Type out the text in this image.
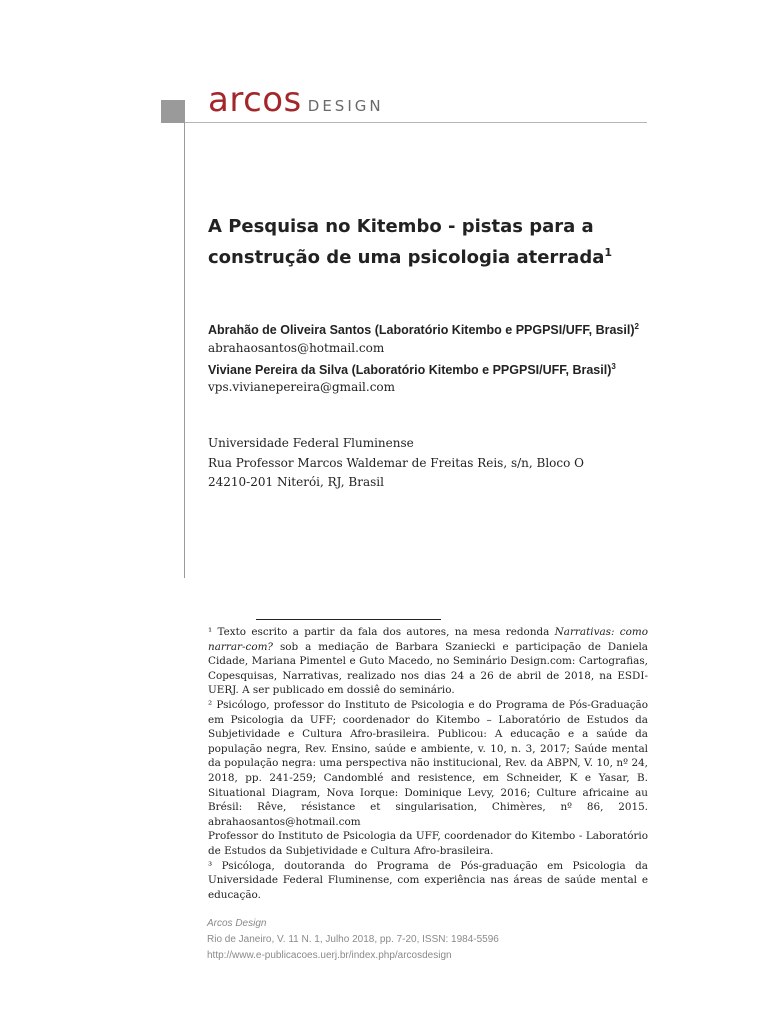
arcos DESIGN
A Pesquisa no Kitembo - pistas para a
construção de uma psicologia aterrada$^1$

Abrahão de Oliveira Santos (Laboratório Kitembo e PPGPSI/UFF, Brasil)$^2$

abrahaosantos@hotmail.com

Viviane Pereira da Silva (Laboratório Kitembo e PPGPSI/UFF, Brasil)$^3$

vps.vivianepereira@gmail.com

Universidade Federal Fluminense

Rua Professor Marcos Waldemar de Freitas Reis, s/n, Bloco O

24210-201 Niterói, RJ, Brasil

¹ Texto escrito a partir da fala dos autores, na mesa redonda Narrativas: como narrar-com? sob a mediação de Barbara Szaniecki e participação de Daniela Cidade, Mariana Pimentel e Guto Macedo, no Seminário Design.com: Cartografias, Copesquisas, Narrativas, realizado nos dias 24 a 26 de abril de 2018, na ESDI-UERJ. A ser publicado em dossiê do seminário.

² Psicólogo, professor do Instituto de Psicologia e do Programa de Pós-Graduação em Psicologia da UFF; coordenador do Kitembo – Laboratório de Estudos da Subjetividade e Cultura Afro-brasileira. Publicou: A educação e a saúde da população negra, Rev. Ensino, saúde e ambiente, v. 10, n. 3, 2017; Saúde mental da população negra: uma perspectiva não institucional, Rev. da ABPN, V. 10, nº 24, 2018, pp. 241-259; Candomblé and resistence, em Schneider, K e Yasar, B. Situational Diagram, Nova Iorque: Dominique Levy, 2016; Culture africaine au Brésil: Rêve, résistance et singularisation, Chimères, nº 86, 2015. abrahaosantos@hotmail.com

Professor do Instituto de Psicologia da UFF, coordenador do Kitembo - Laboratório de Estudos da Subjetividade e Cultura Afro-brasileira.

³ Psicóloga, doutoranda do Programa de Pós-graduação em Psicologia da Universidade Federal Fluminense, com experiência nas áreas de saúde mental e educação.

Arcos Design

Rio de Janeiro, V. 11 N. 1, Julho 2018, pp. 7-20, ISSN: 1984-5596

http://www.e-publicacoes.uerj.br/index.php/arcosdesign
